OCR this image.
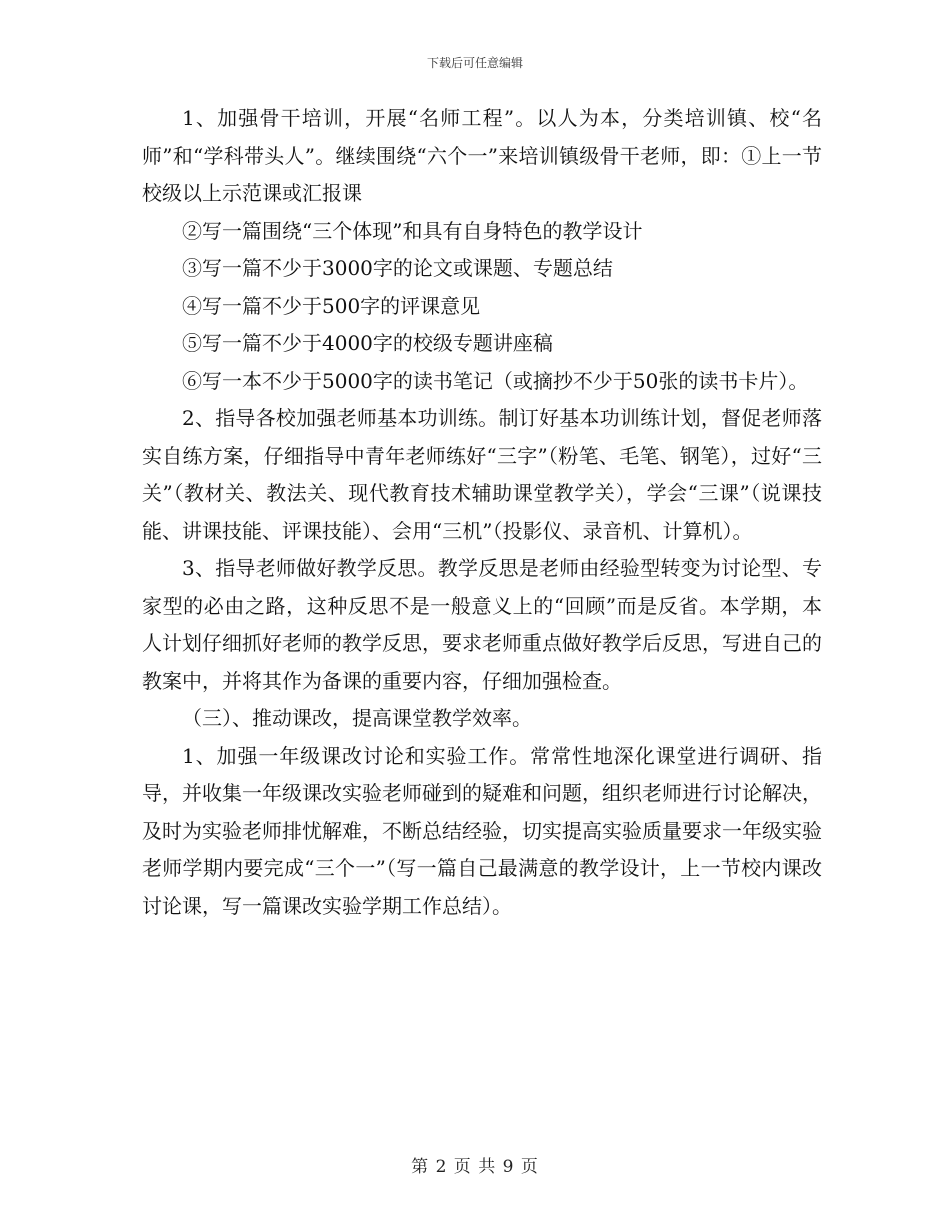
下载后可任意编辑

1、加强骨干培训，开展“名师工程”。以人为本，分类培训镇、校“名师”和“学科带头人”。继续围绕“六个一”来培训镇级骨干老师，即：①上一节校级以上示范课或汇报课

②写一篇围绕“三个体现”和具有自身特色的教学设计

③写一篇不少于3000字的论文或课题、专题总结

④写一篇不少于500字的评课意见

⑤写一篇不少于4000字的校级专题讲座稿

⑥写一本不少于5000字的读书笔记（或摘抄不少于50张的读书卡片）。

2、指导各校加强老师基本功训练。制订好基本功训练计划，督促老师落实自练方案，仔细指导中青年老师练好“三字”（粉笔、毛笔、钢笔），过好“三关”（教材关、教法关、现代教育技术辅助课堂教学关），学会“三课”（说课技能、讲课技能、评课技能）、会用“三机”（投影仪、录音机、计算机）。

3、指导老师做好教学反思。教学反思是老师由经验型转变为讨论型、专家型的必由之路，这种反思不是一般意义上的“回顾”而是反省。本学期，本人计划仔细抓好老师的教学反思，要求老师重点做好教学后反思，写进自己的教案中，并将其作为备课的重要内容，仔细加强检查。

（三）、推动课改，提高课堂教学效率。

1、加强一年级课改讨论和实验工作。常常性地深化课堂进行调研、指导，并收集一年级课改实验老师碰到的疑难和问题，组织老师进行讨论解决，及时为实验老师排忧解难，不断总结经验，切实提高实验质量要求一年级实验老师学期内要完成“三个一”（写一篇自己最满意的教学设计，上一节校内课改讨论课，写一篇课改实验学期工作总结）。

第 2 页 共 9 页
